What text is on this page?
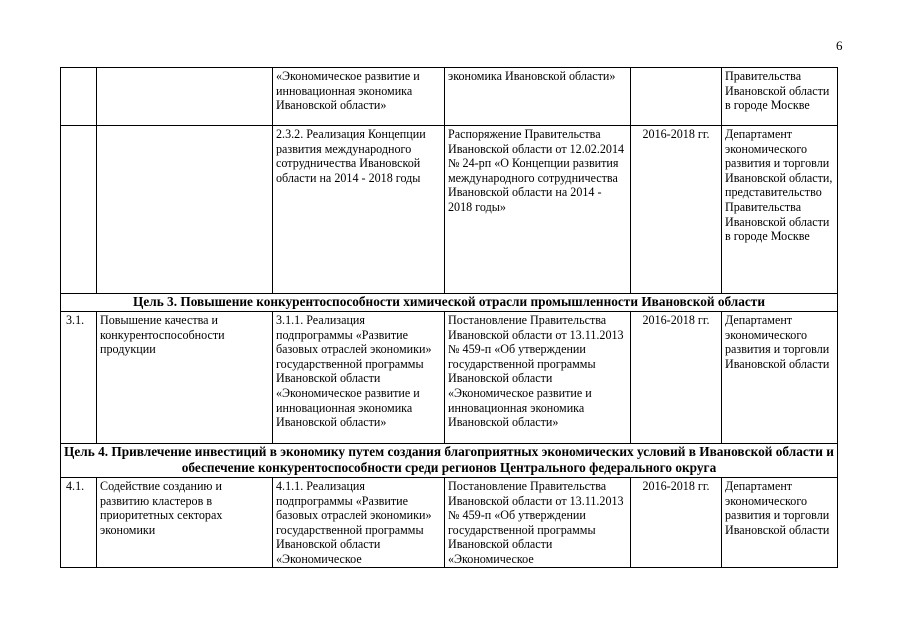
6
		«Экономическое развитие и инновационная экономика Ивановской области»	экономика Ивановской области»		Правительства Ивановской области в городе Москве
		2.3.2. Реализация Концепции развития международного сотрудничества Ивановской области на 2014 - 2018 годы	Распоряжение Правительства Ивановской области от 12.02.2014 № 24-рп «О Концепции развития международного сотрудничества Ивановской области на 2014 - 2018 годы»	2016-2018 гг.	Департамент экономического развития и торговли Ивановской области, представительство Правительства Ивановской области в городе Москве
Цель 3. Повышение конкурентоспособности химической отрасли промышленности Ивановской области					
3.1.	Повышение качества и конкурентоспособности продукции	3.1.1. Реализация подпрограммы «Развитие базовых отраслей экономики» государственной программы Ивановской области «Экономическое развитие и инновационная экономика Ивановской области»	Постановление Правительства Ивановской области от 13.11.2013 № 459-п «Об утверждении государственной программы Ивановской области «Экономическое развитие и инновационная экономика Ивановской области»	2016-2018 гг.	Департамент экономического развития и торговли Ивановской области
Цель 4. Привлечение инвестиций в экономику путем создания благоприятных экономических условий в Ивановской области и обеспечение конкурентоспособности среди регионов Центрального федерального округа					
4.1.	Содействие созданию и развитию кластеров в приоритетных секторах экономики	4.1.1. Реализация подпрограммы «Развитие базовых отраслей экономики» государственной программы Ивановской области «Экономическое	Постановление Правительства Ивановской области от 13.11.2013 № 459-п «Об утверждении государственной программы Ивановской области «Экономическое	2016-2018 гг.	Департамент экономического развития и торговли Ивановской области
